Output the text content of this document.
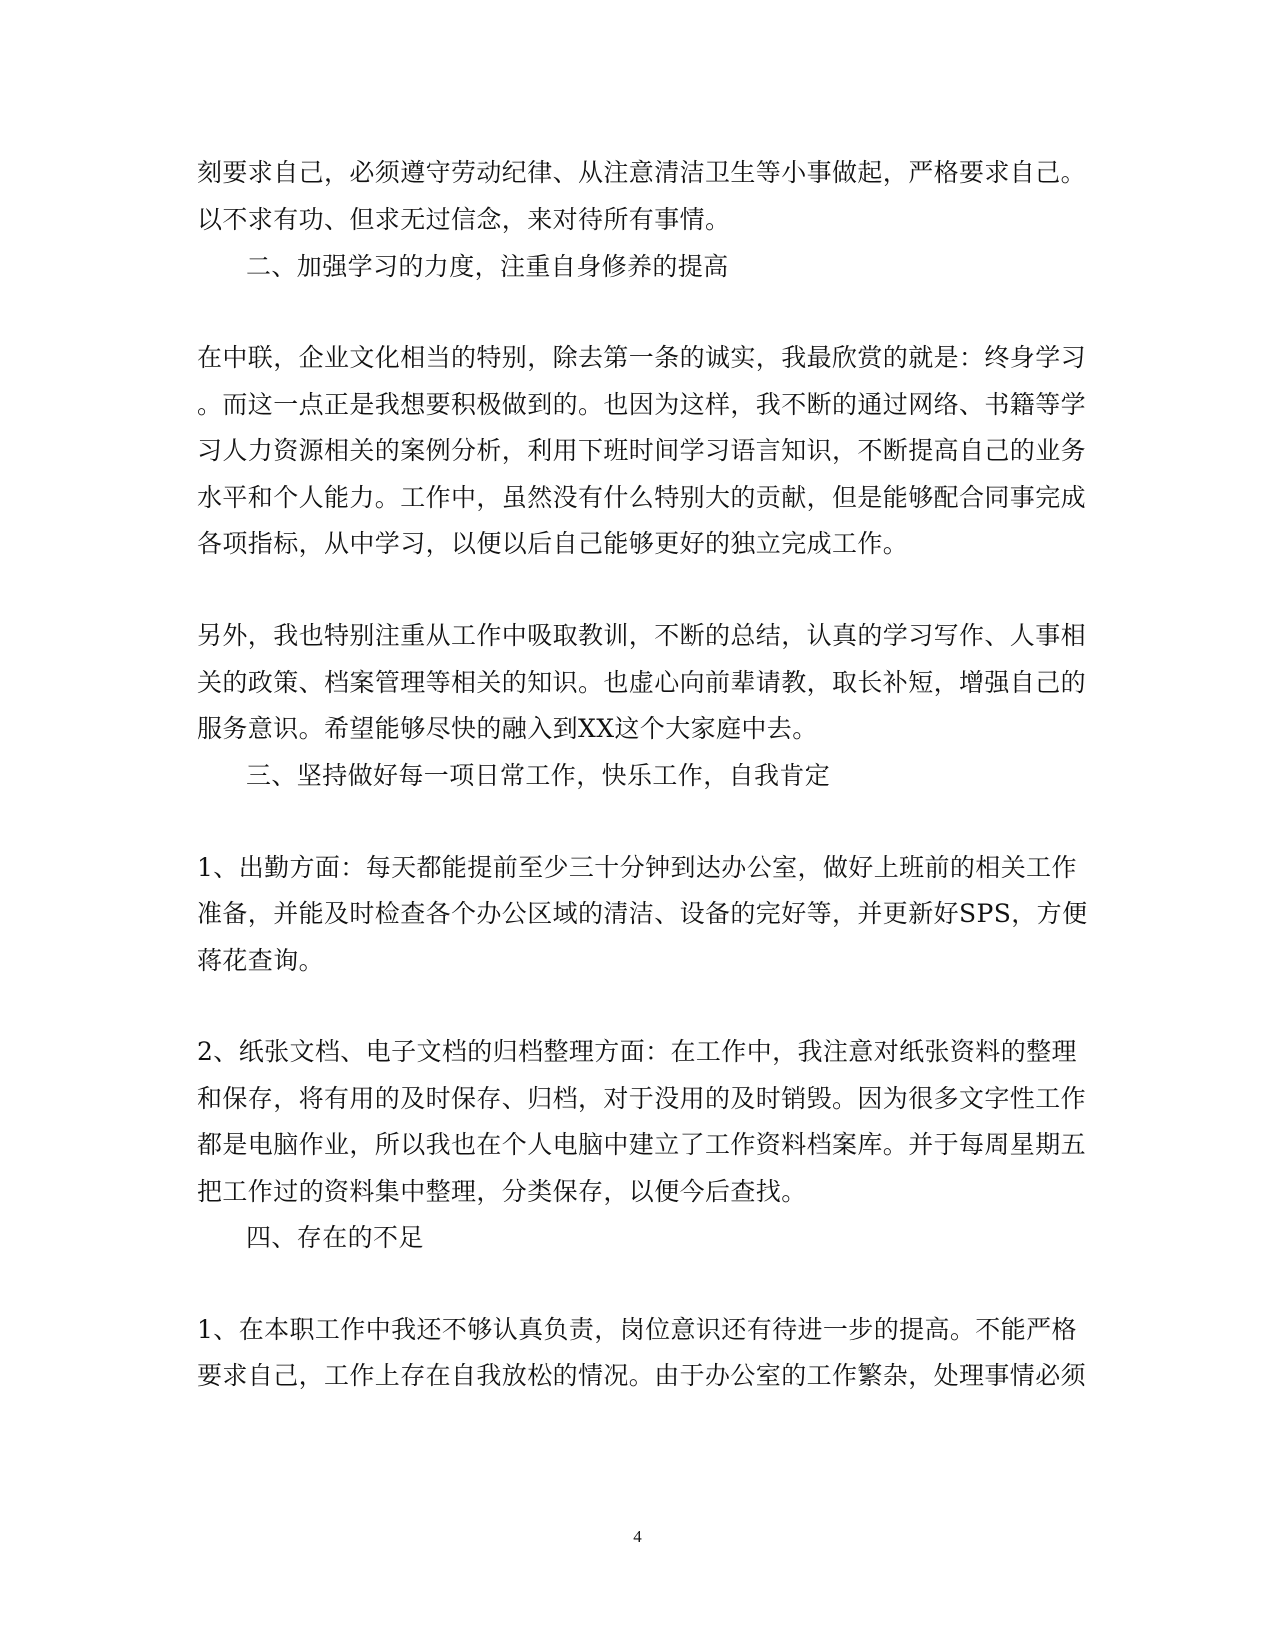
刻要求自己，必须遵守劳动纪律、从注意清洁卫生等小事做起，严格要求自己。
以不求有功、但求无过信念，来对待所有事情。
二、加强学习的力度，注重自身修养的提高
在中联，企业文化相当的特别，除去第一条的诚实，我最欣赏的就是：终身学习
。而这一点正是我想要积极做到的。也因为这样，我不断的通过网络、书籍等学
习人力资源相关的案例分析，利用下班时间学习语言知识，不断提高自己的业务
水平和个人能力。工作中，虽然没有什么特别大的贡献，但是能够配合同事完成
各项指标，从中学习，以便以后自己能够更好的独立完成工作。
另外，我也特别注重从工作中吸取教训，不断的总结，认真的学习写作、人事相
关的政策、档案管理等相关的知识。也虚心向前辈请教，取长补短，增强自己的
服务意识。希望能够尽快的融入到XX这个大家庭中去。
三、坚持做好每一项日常工作，快乐工作，自我肯定
1、出勤方面：每天都能提前至少三十分钟到达办公室，做好上班前的相关工作
准备，并能及时检查各个办公区域的清洁、设备的完好等，并更新好SPS，方便
蒋花查询。
2、纸张文档、电子文档的归档整理方面：在工作中，我注意对纸张资料的整理
和保存，将有用的及时保存、归档，对于没用的及时销毁。因为很多文字性工作
都是电脑作业，所以我也在个人电脑中建立了工作资料档案库。并于每周星期五
把工作过的资料集中整理，分类保存，以便今后查找。
四、存在的不足
1、在本职工作中我还不够认真负责，岗位意识还有待进一步的提高。不能严格
要求自己，工作上存在自我放松的情况。由于办公室的工作繁杂，处理事情必须
4
